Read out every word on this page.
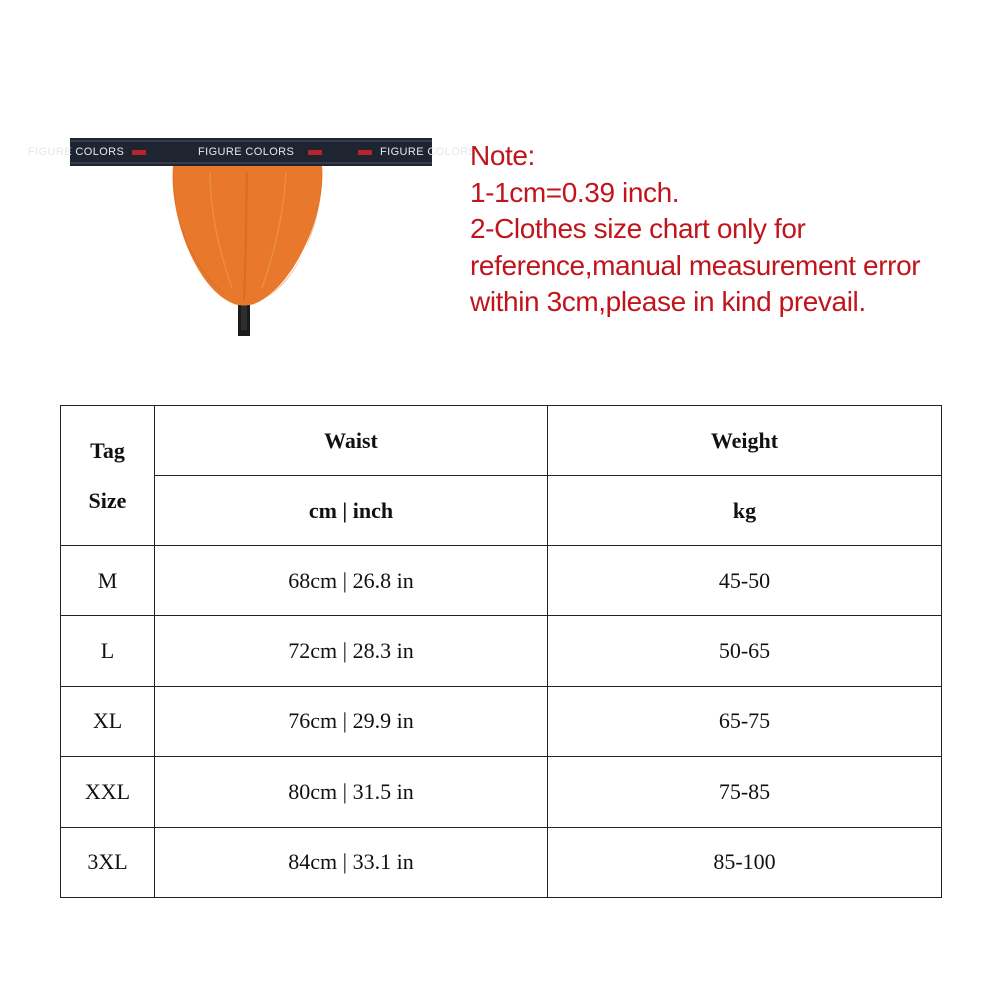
FIGURE COLORS	FIGURE COLORS	FIGURE COLORS
Note:
1-1cm=0.39 inch.
2-Clothes size chart only for
reference,manual measurement error
within 3cm,please in kind prevail.
Tag
Size	Waist	Weight
	cm | inch	kg
M	68cm | 26.8 in	45-50
L	72cm | 28.3 in	50-65
XL	76cm | 29.9 in	65-75
XXL	80cm | 31.5 in	75-85
3XL	84cm | 33.1 in	85-100
